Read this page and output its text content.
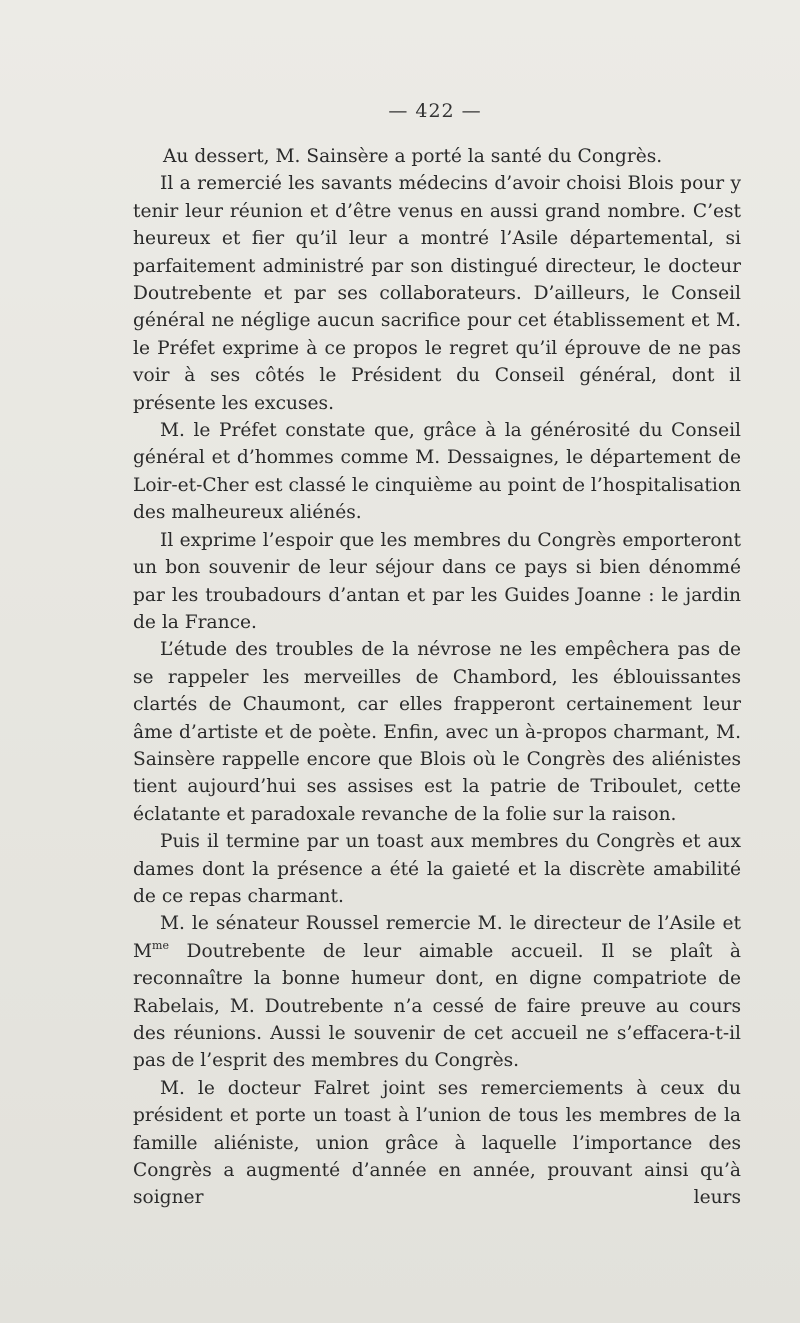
— 422 —

Au dessert, M. Sainsère a porté la santé du Congrès.

Il a remercié les savants médecins d’avoir choisi Blois pour y tenir leur réunion et d’être venus en aussi grand nombre. C’est heureux et fier qu’il leur a montré l’Asile départemental, si parfaitement administré par son distingué directeur, le docteur Doutrebente et par ses collaborateurs. D’ailleurs, le Conseil général ne néglige aucun sacrifice pour cet établissement et M. le Préfet exprime à ce propos le regret qu’il éprouve de ne pas voir à ses côtés le Président du Conseil général, dont il présente les excuses.

M. le Préfet constate que, grâce à la générosité du Conseil général et d’hommes comme M. Dessaignes, le département de Loir-et-Cher est classé le cinquième au point de l’hospitalisation des malheureux aliénés.

Il exprime l’espoir que les membres du Congrès emporteront un bon souvenir de leur séjour dans ce pays si bien dénommé par les troubadours d’antan et par les Guides Joanne : le jardin de la France.

L’étude des troubles de la névrose ne les empêchera pas de se rappeler les merveilles de Chambord, les éblouissantes clartés de Chaumont, car elles frapperont certainement leur âme d’artiste et de poète. Enfin, avec un à-propos charmant, M. Sainsère rappelle encore que Blois où le Congrès des aliénistes tient aujourd’hui ses assises est la patrie de Triboulet, cette éclatante et paradoxale revanche de la folie sur la raison.

Puis il termine par un toast aux membres du Congrès et aux dames dont la présence a été la gaieté et la discrète amabilité de ce repas charmant.

M. le sénateur Roussel remercie M. le directeur de l’Asile et $M^{me}$ Doutrebente de leur aimable accueil. Il se plaît à reconnaître la bonne humeur dont, en digne compatriote de Rabelais, M. Doutrebente n’a cessé de faire preuve au cours des réunions. Aussi le souvenir de cet accueil ne s’effacera-t-il pas de l’esprit des membres du Congrès.

M. le docteur Falret joint ses remerciements à ceux du président et porte un toast à l’union de tous les membres de la famille aliéniste, union grâce à laquelle l’importance des Congrès a augmenté d’année en année, prouvant ainsi qu’à soigner leurs
